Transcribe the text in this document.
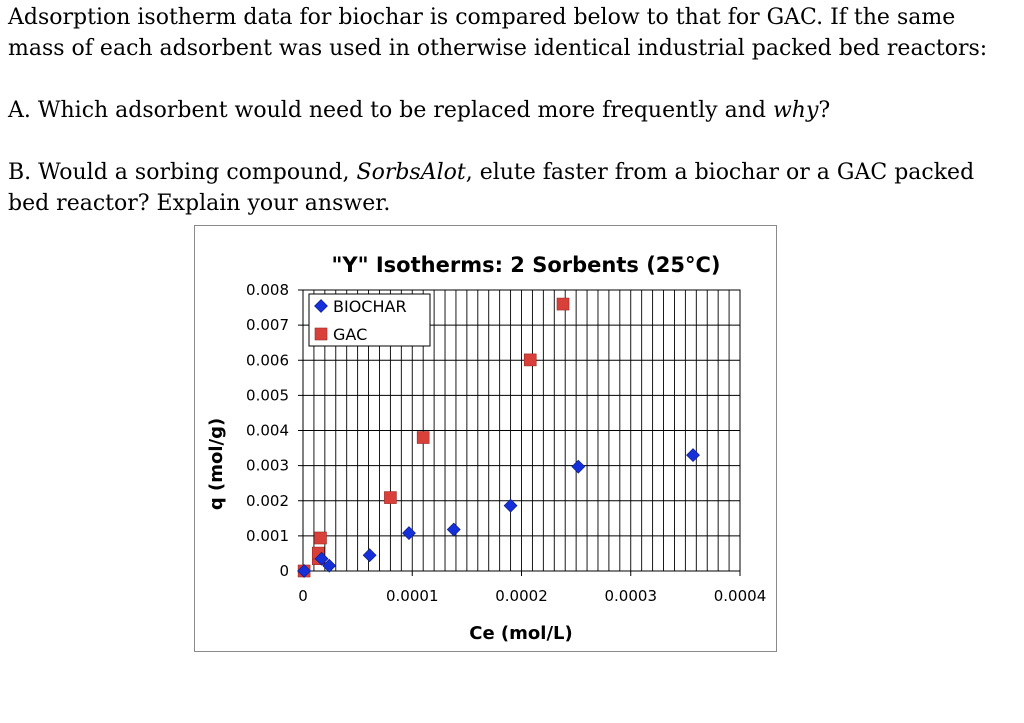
Adsorption isotherm data for biochar is compared below to that for GAC. If the same

mass of each adsorbent was used in otherwise identical industrial packed bed reactors:

A. Which adsorbent would need to be replaced more frequently and why?

B. Would a sorbing compound, SorbsAlot, elute faster from a biochar or a GAC packed

bed reactor? Explain your answer.

"Y" Isotherms: 2 Sorbents (25°C)
0	0.0001	0.0002	0.0003	0.0004
0
0.001
0.002
0.003
0.004
0.005
0.006
0.007
0.008
BIOCHAR
GAC
Ce (mol/L)
q (mol/g)
